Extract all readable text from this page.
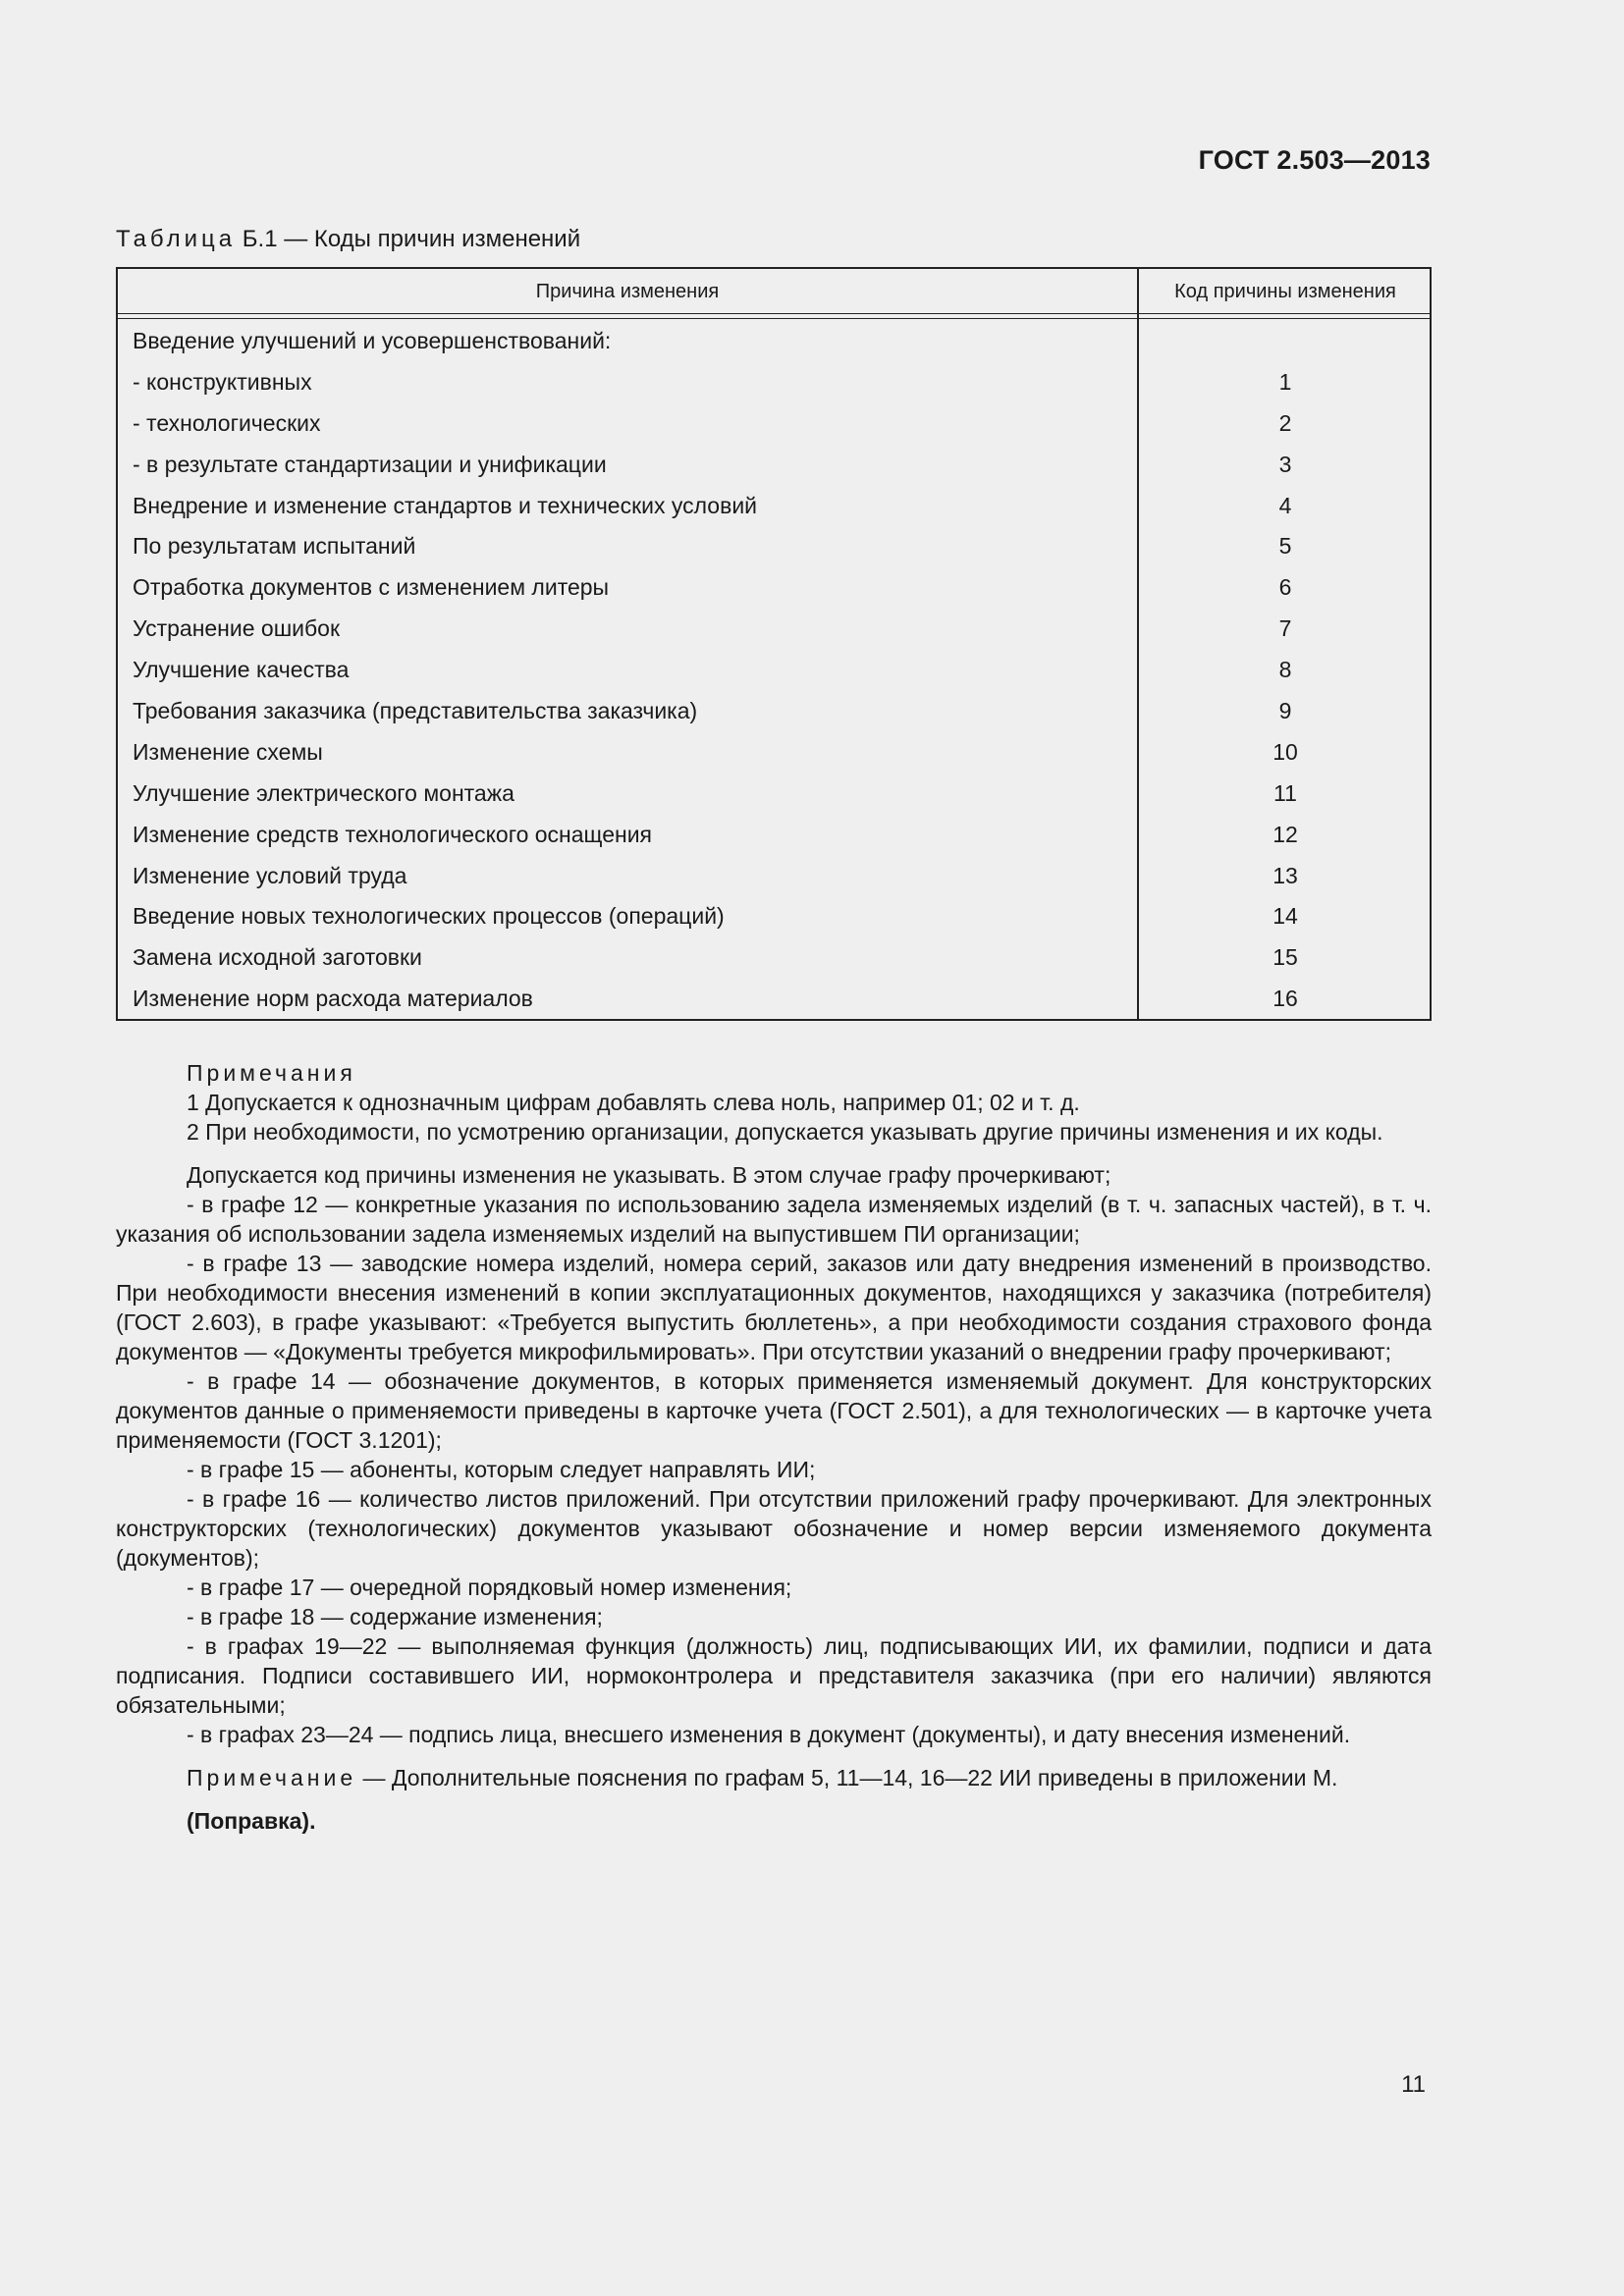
ГОСТ 2.503—2013
Таблица Б.1 — Коды причин изменений
Причина изменения	Код причины изменения
Введение улучшений и усовершенствований:
- конструктивных	1
- технологических	2
- в результате стандартизации и унификации	3
Внедрение и изменение стандартов и технических условий	4
По результатам испытаний	5
Отработка документов с изменением литеры	6
Устранение ошибок	7
Улучшение качества	8
Требования заказчика (представительства заказчика)	9
Изменение схемы	10
Улучшение электрического монтажа	11
Изменение средств технологического оснащения	12
Изменение условий труда	13
Введение новых технологических процессов (операций)	14
Замена исходной заготовки	15
Изменение норм расхода материалов	16

Примечания

1 Допускается к однозначным цифрам добавлять слева ноль, например 01; 02 и т. д.

2 При необходимости, по усмотрению организации, допускается указывать другие причины изменения и их коды.

Допускается код причины изменения не указывать. В этом случае графу прочеркивают;

- в графе 12 — конкретные указания по использованию задела изменяемых изделий (в т. ч. запасных частей), в т. ч. указания об использовании задела изменяемых изделий на выпустившем ПИ организации;

- в графе 13 — заводские номера изделий, номера серий, заказов или дату внедрения изменений в производство. При необходимости внесения изменений в копии эксплуатационных документов, находящихся у заказчика (потребителя) (ГОСТ 2.603), в графе указывают: «Требуется выпустить бюллетень», а при необходимости создания страхового фонда документов — «Документы требуется микрофильмировать». При отсутствии указаний о внедрении графу прочеркивают;

- в графе 14 — обозначение документов, в которых применяется изменяемый документ. Для конструкторских документов данные о применяемости приведены в карточке учета (ГОСТ 2.501), а для технологических — в карточке учета применяемости (ГОСТ 3.1201);

- в графе 15 — абоненты, которым следует направлять ИИ;

- в графе 16 — количество листов приложений. При отсутствии приложений графу прочеркивают. Для электронных конструкторских (технологических) документов указывают обозначение и номер версии изменяемого документа (документов);

- в графе 17 — очередной порядковый номер изменения;

- в графе 18 — содержание изменения;

- в графах 19—22 — выполняемая функция (должность) лиц, подписывающих ИИ, их фамилии, подписи и дата подписания. Подписи составившего ИИ, нормоконтролера и представителя заказчика (при его наличии) являются обязательными;

- в графах 23—24 — подпись лица, внесшего изменения в документ (документы), и дату внесения изменений.

Примечание — Дополнительные пояснения по графам 5, 11—14, 16—22 ИИ приведены в приложении М.

(Поправка).

11
